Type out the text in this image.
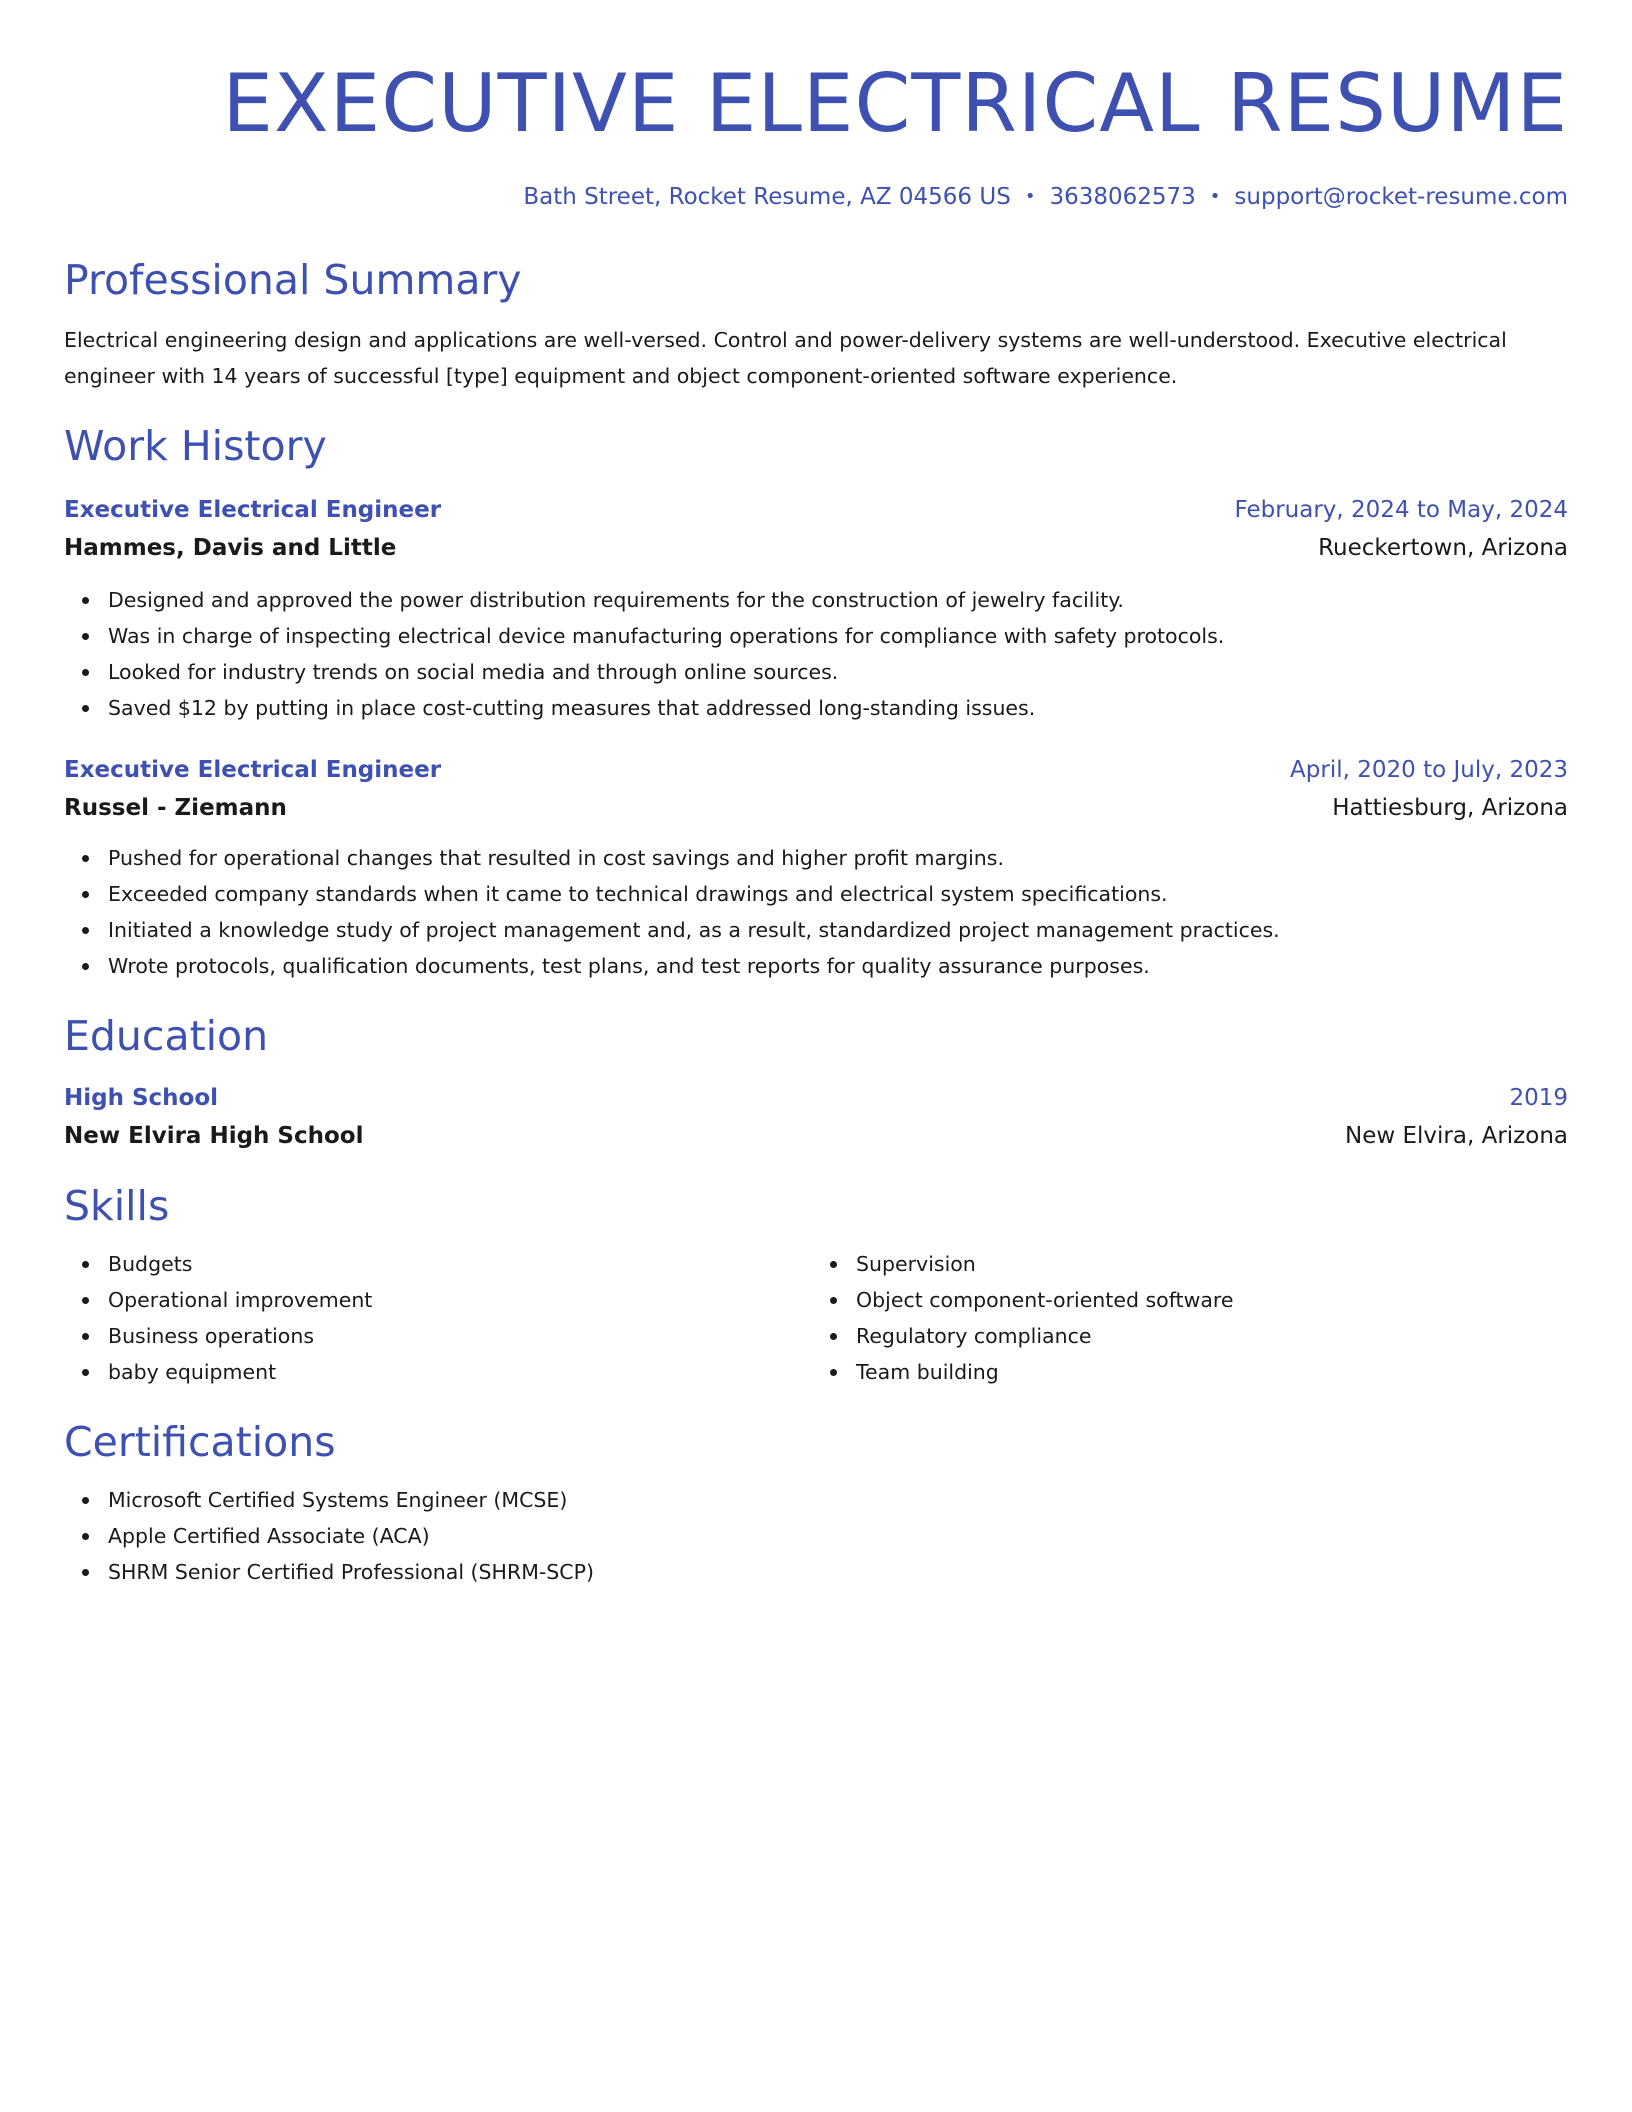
EXECUTIVE ELECTRICAL RESUME
Bath Street, Rocket Resume, AZ 04566 US • 3638062573 • support@rocket-resume.com
Professional Summary

Electrical engineering design and applications are well-versed. Control and power-delivery systems are well-understood. Executive electrical engineer with 14 years of successful [type] equipment and object component-oriented software experience.

Work History
Executive Electrical Engineer	February, 2024 to May, 2024
Hammes, Davis and Little	Rueckertown, Arizona
Designed and approved the power distribution requirements for the construction of jewelry facility.
Was in charge of inspecting electrical device manufacturing operations for compliance with safety protocols.
Looked for industry trends on social media and through online sources.
Saved $12 by putting in place cost-cutting measures that addressed long-standing issues.
Executive Electrical Engineer	April, 2020 to July, 2023
Russel - Ziemann	Hattiesburg, Arizona
Pushed for operational changes that resulted in cost savings and higher profit margins.
Exceeded company standards when it came to technical drawings and electrical system specifications.
Initiated a knowledge study of project management and, as a result, standardized project management practices.
Wrote protocols, qualification documents, test plans, and test reports for quality assurance purposes.
Education
High School	2019
New Elvira High School	New Elvira, Arizona
Skills
Budgets
Operational improvement
Business operations
baby equipment
Supervision
Object component-oriented software
Regulatory compliance
Team building
Certifications
Microsoft Certified Systems Engineer (MCSE)
Apple Certified Associate (ACA)
SHRM Senior Certified Professional (SHRM-SCP)
